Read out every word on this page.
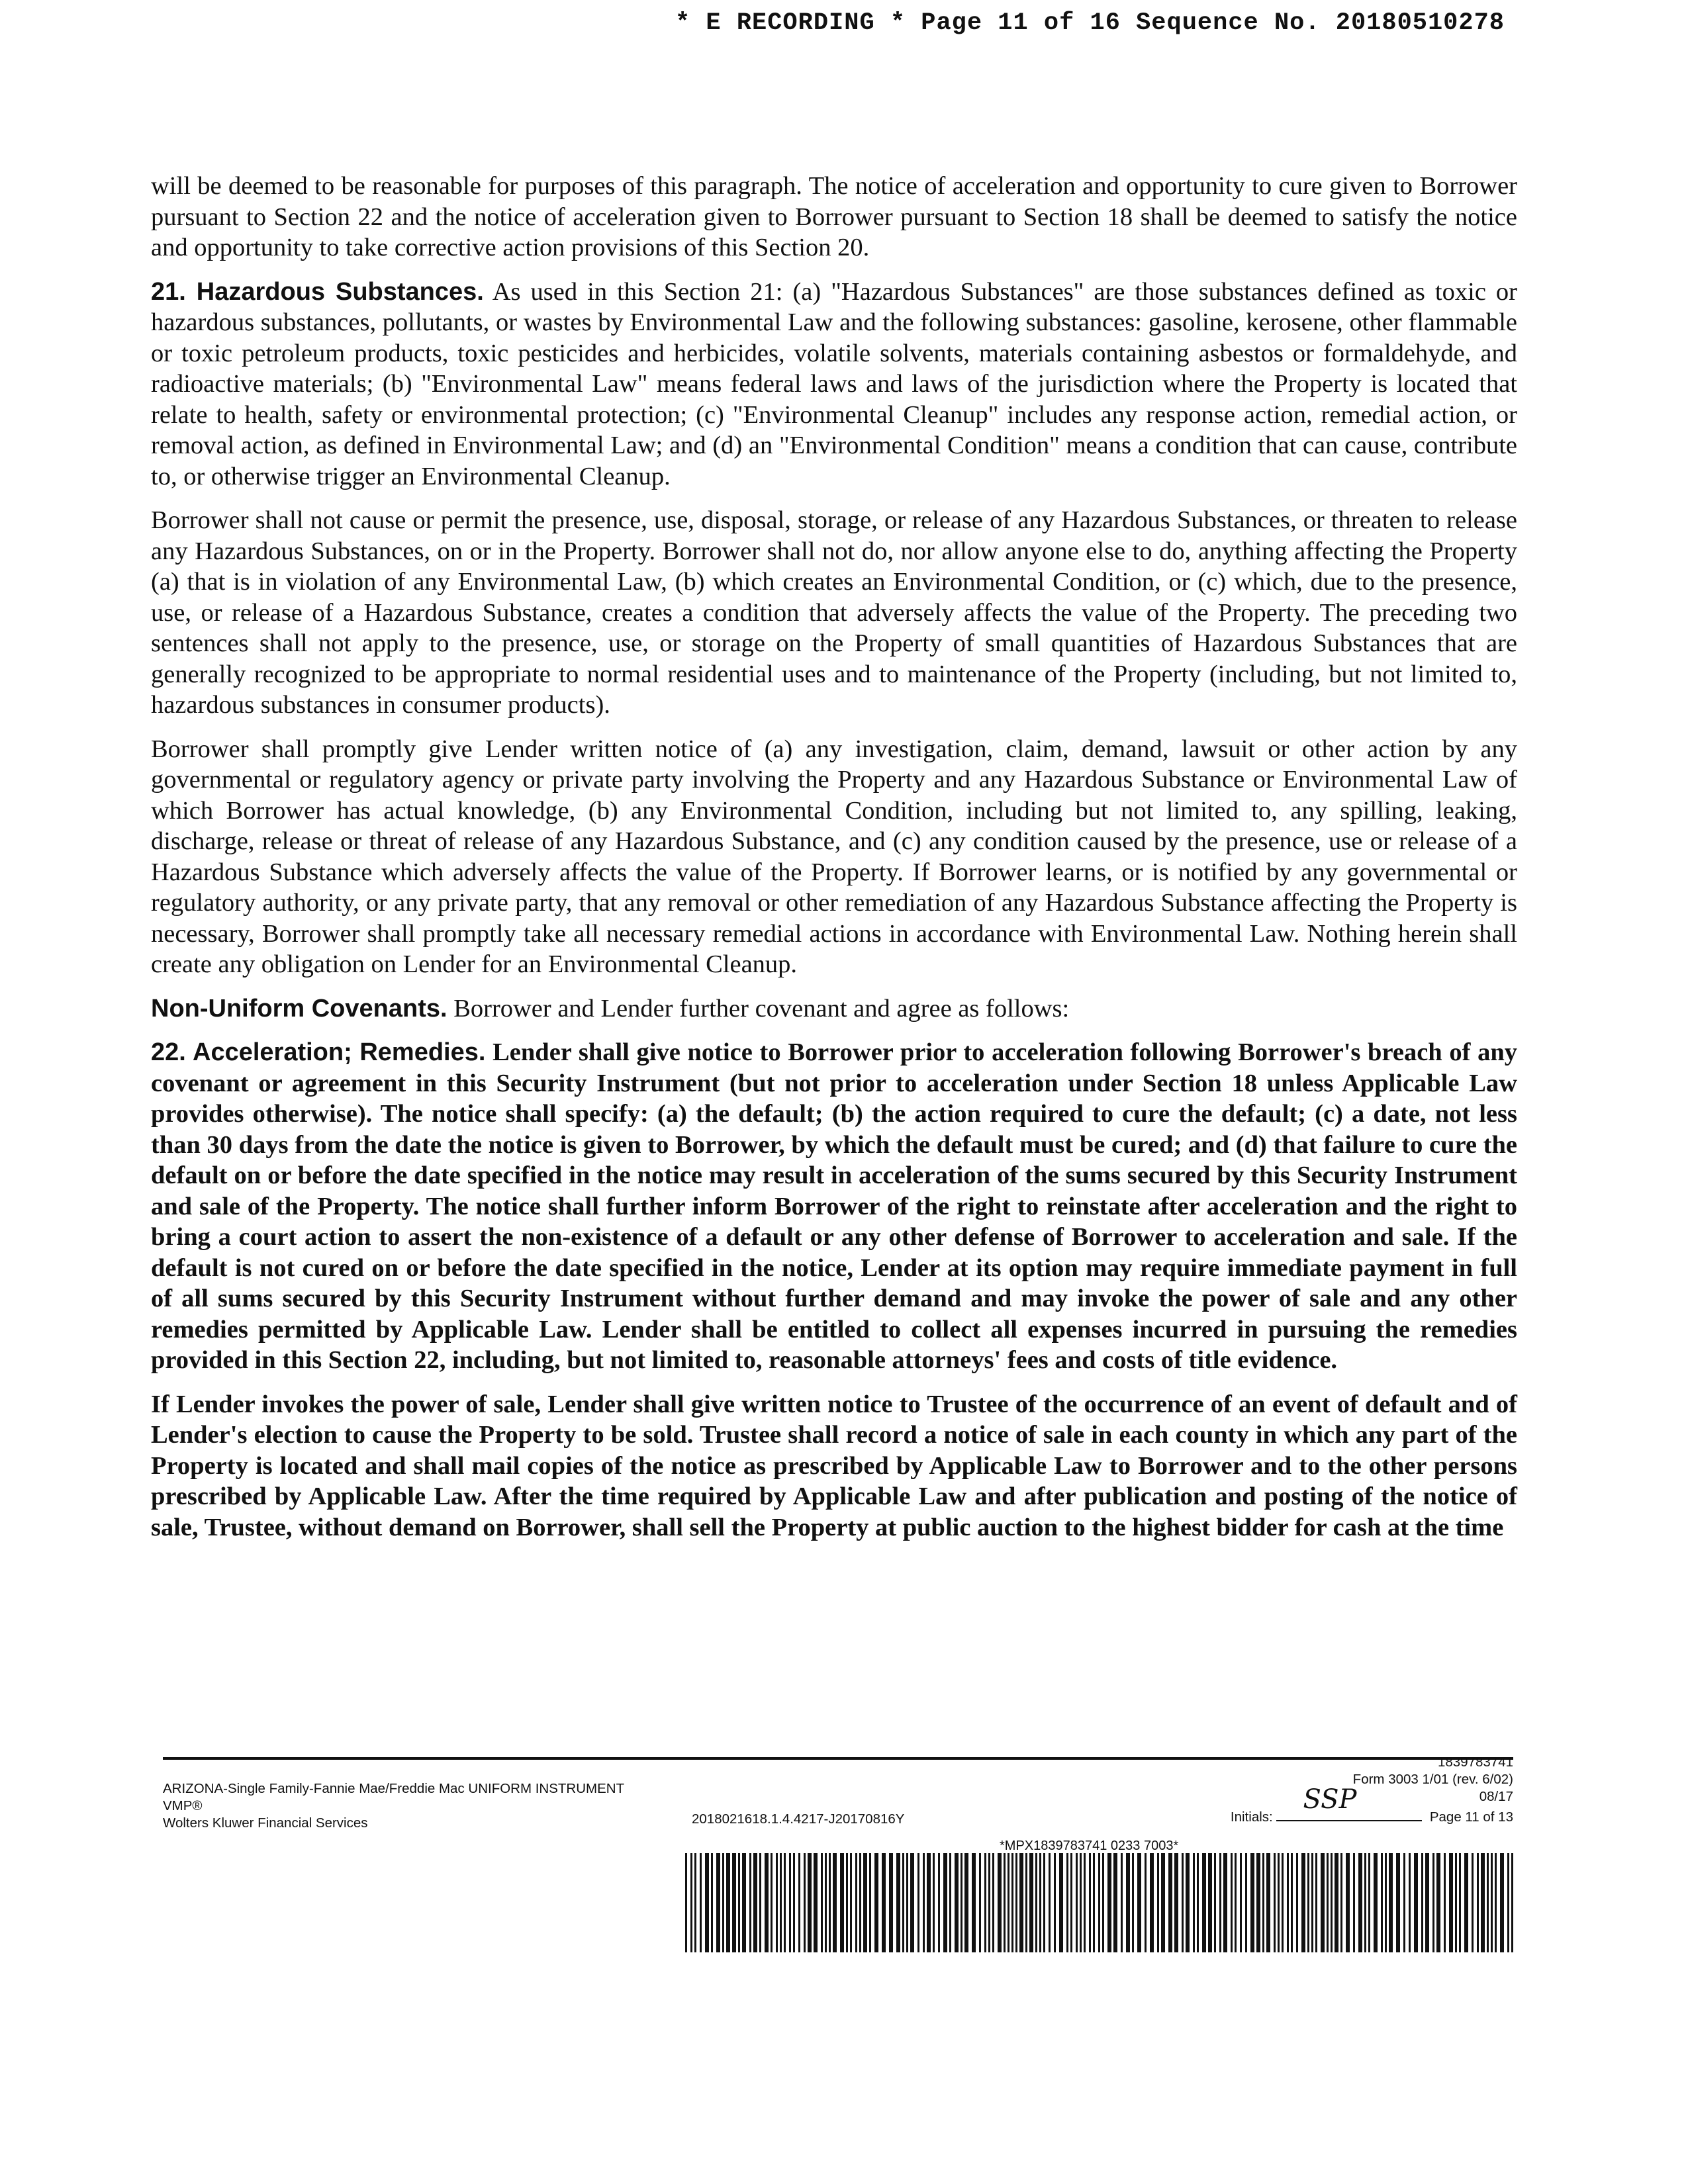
* E RECORDING * Page 11 of 16 Sequence No. 20180510278

will be deemed to be reasonable for purposes of this paragraph. The notice of acceleration and opportunity to cure given to Borrower pursuant to Section 22 and the notice of acceleration given to Borrower pursuant to Section 18 shall be deemed to satisfy the notice and opportunity to take corrective action provisions of this Section 20.

21. Hazardous Substances. As used in this Section 21: (a) "Hazardous Substances" are those substances defined as toxic or hazardous substances, pollutants, or wastes by Environmental Law and the following substances: gasoline, kerosene, other flammable or toxic petroleum products, toxic pesticides and herbicides, volatile solvents, materials containing asbestos or formaldehyde, and radioactive materials; (b) "Environmental Law" means federal laws and laws of the jurisdiction where the Property is located that relate to health, safety or environmental protection; (c) "Environmental Cleanup" includes any response action, remedial action, or removal action, as defined in Environmental Law; and (d) an "Environmental Condition" means a condition that can cause, contribute to, or otherwise trigger an Environmental Cleanup.

Borrower shall not cause or permit the presence, use, disposal, storage, or release of any Hazardous Substances, or threaten to release any Hazardous Substances, on or in the Property. Borrower shall not do, nor allow anyone else to do, anything affecting the Property (a) that is in violation of any Environmental Law, (b) which creates an Environmental Condition, or (c) which, due to the presence, use, or release of a Hazardous Substance, creates a condition that adversely affects the value of the Property. The preceding two sentences shall not apply to the presence, use, or storage on the Property of small quantities of Hazardous Substances that are generally recognized to be appropriate to normal residential uses and to maintenance of the Property (including, but not limited to, hazardous substances in consumer products).

Borrower shall promptly give Lender written notice of (a) any investigation, claim, demand, lawsuit or other action by any governmental or regulatory agency or private party involving the Property and any Hazardous Substance or Environmental Law of which Borrower has actual knowledge, (b) any Environmental Condition, including but not limited to, any spilling, leaking, discharge, release or threat of release of any Hazardous Substance, and (c) any condition caused by the presence, use or release of a Hazardous Substance which adversely affects the value of the Property. If Borrower learns, or is notified by any governmental or regulatory authority, or any private party, that any removal or other remediation of any Hazardous Substance affecting the Property is necessary, Borrower shall promptly take all necessary remedial actions in accordance with Environmental Law. Nothing herein shall create any obligation on Lender for an Environmental Cleanup.

Non-Uniform Covenants. Borrower and Lender further covenant and agree as follows:

22. Acceleration; Remedies. Lender shall give notice to Borrower prior to acceleration following Borrower's breach of any covenant or agreement in this Security Instrument (but not prior to acceleration under Section 18 unless Applicable Law provides otherwise). The notice shall specify: (a) the default; (b) the action required to cure the default; (c) a date, not less than 30 days from the date the notice is given to Borrower, by which the default must be cured; and (d) that failure to cure the default on or before the date specified in the notice may result in acceleration of the sums secured by this Security Instrument and sale of the Property. The notice shall further inform Borrower of the right to reinstate after acceleration and the right to bring a court action to assert the non-existence of a default or any other defense of Borrower to acceleration and sale. If the default is not cured on or before the date specified in the notice, Lender at its option may require immediate payment in full of all sums secured by this Security Instrument without further demand and may invoke the power of sale and any other remedies permitted by Applicable Law. Lender shall be entitled to collect all expenses incurred in pursuing the remedies provided in this Section 22, including, but not limited to, reasonable attorneys' fees and costs of title evidence.

If Lender invokes the power of sale, Lender shall give written notice to Trustee of the occurrence of an event of default and of Lender's election to cause the Property to be sold. Trustee shall record a notice of sale in each county in which any part of the Property is located and shall mail copies of the notice as prescribed by Applicable Law to Borrower and to the other persons prescribed by Applicable Law. After the time required by Applicable Law and after publication and posting of the notice of sale, Trustee, without demand on Borrower, shall sell the Property at public auction to the highest bidder for cash at the time

ARIZONA-Single Family-Fannie Mae/Freddie Mac UNIFORM INSTRUMENT
VMP®
Wolters Kluwer Financial Services	2018021618.1.4.4217-J20170816Y
1839783741
Form 3003 1/01 (rev. 6/02)
08/17
Initials:
SSP
Page 11 of 13
*MPX1839783741 0233 7003*
